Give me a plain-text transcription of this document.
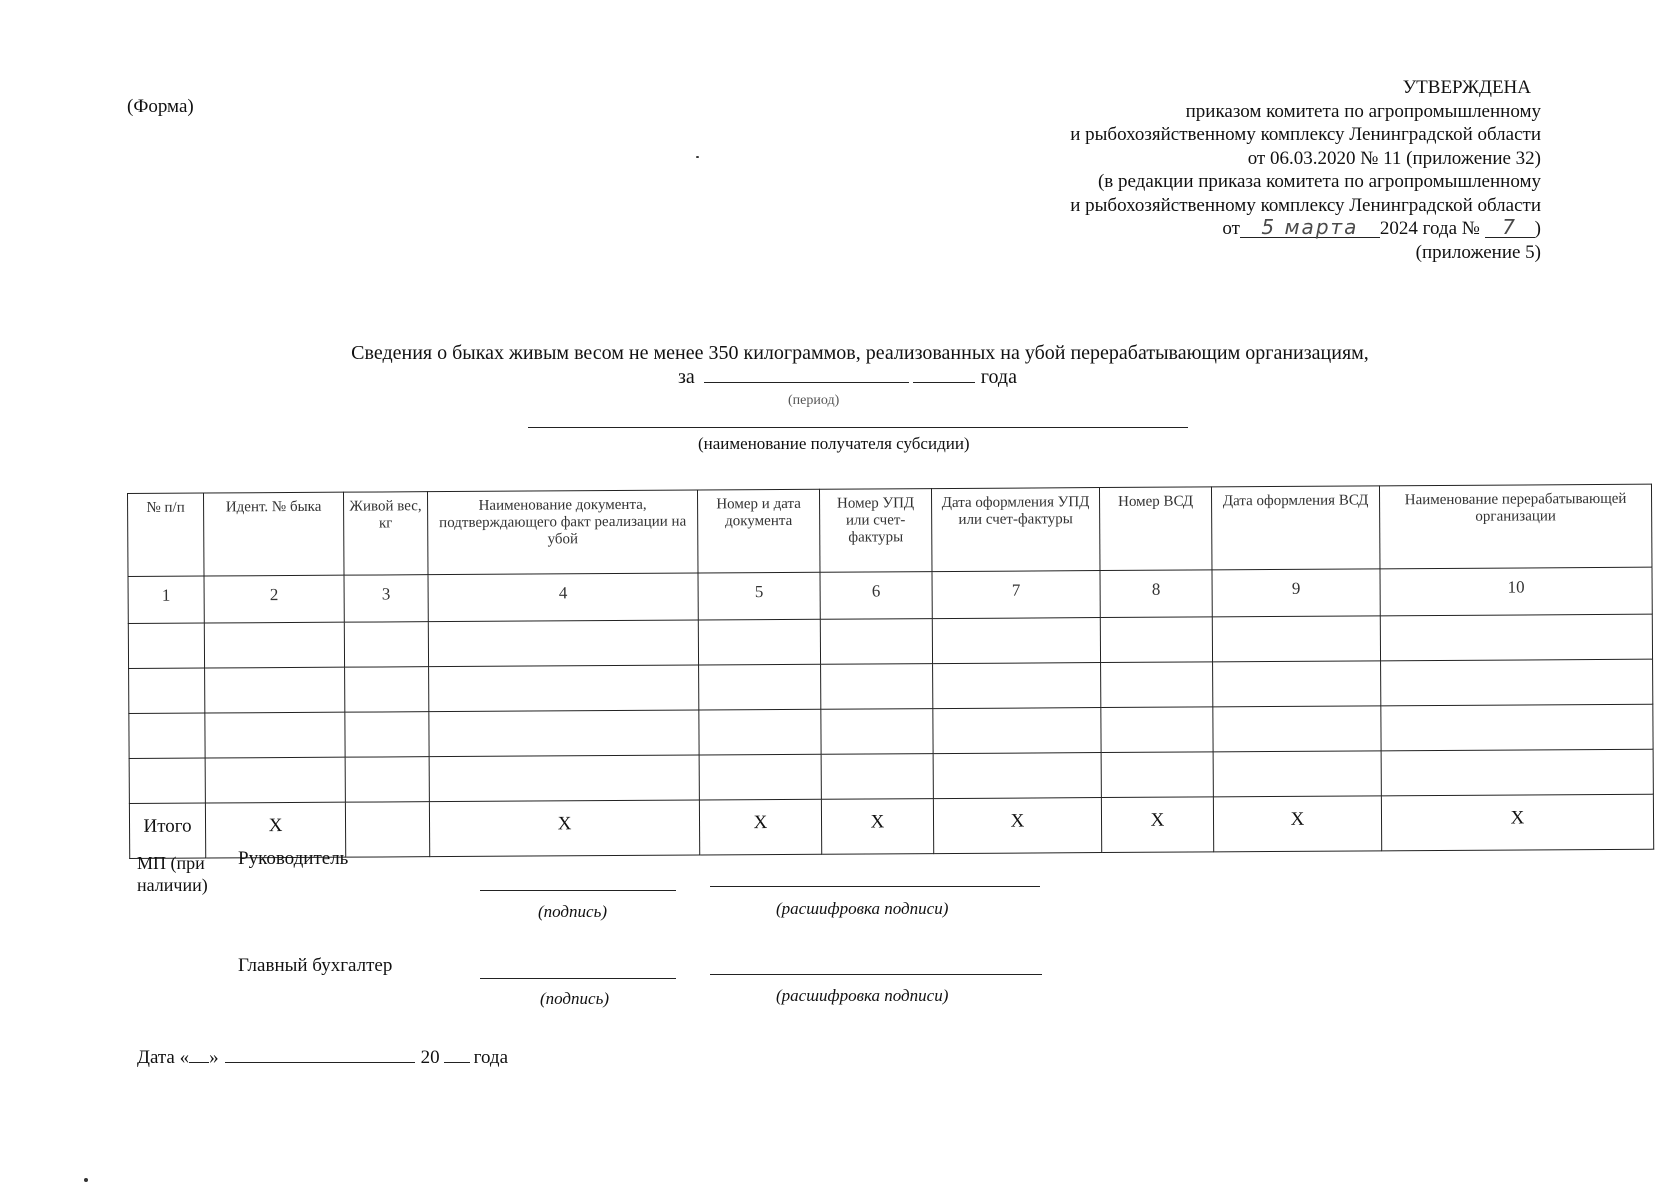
(Форма)
УТВЕРЖДЕНА
приказом комитета по агропромышленному
и рыбохозяйственному комплексу Ленинградской области
от 06.03.2020 № 11 (приложение 32)
(в редакции приказа комитета по агропромышленному
и рыбохозяйственному комплексу Ленинградской области
от 5 марта 2024 года № 7 )
(приложение 5)
Сведения о быках живым весом не менее 350 килограммов, реализованных на убой перерабатывающим организациям,
за	года
(период)
(наименование получателя субсидии)
№ п/п	Идент. № быка	Живой вес, кг	Наименование документа, подтверждающего факт реализации на убой	Номер и дата документа	Номер УПД или счет-фактуры	Дата оформления УПД или счет-фактуры	Номер ВСД	Дата оформления ВСД	Наименование перерабатывающей организации
1	2	3	4	5	6	7	8	9	10

Итого	Х		Х	Х	Х	Х	Х	Х	Х
МП (при наличии)
Руководитель
(подпись)	(расшифровка подписи)
Главный бухгалтер
(подпись)	(расшифровка подписи)
Дата « »	20 года
